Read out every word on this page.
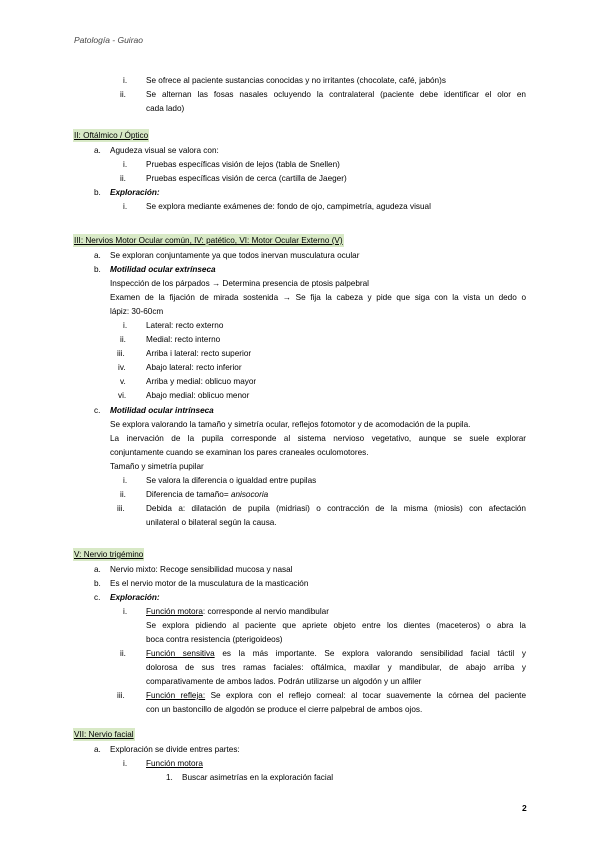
Patología - Guirao
i. Se ofrece al paciente sustancias conocidas y no irritantes (chocolate, café, jabón)s
ii. Se alternan las fosas nasales ocluyendo la contralateral (paciente debe identificar el olor en
cada lado)
II: Oftálmico / Óptico
a. Agudeza visual se valora con:
i. Pruebas específicas visión de lejos (tabla de Snellen)
ii. Pruebas específicas visión de cerca (cartilla de Jaeger)
b. Exploración:
i. Se explora mediante exámenes de: fondo de ojo, campimetría, agudeza visual
III: Nervios Motor Ocular común, IV: patético, VI: Motor Ocular Externo (V)
a. Se exploran conjuntamente ya que todos inervan musculatura ocular
b. Motilidad ocular extrínseca
Inspección de los párpados → Determina presencia de ptosis palpebral
Examen de la fijación de mirada sostenida → Se fija la cabeza y pide que siga con la vista un dedo o
lápiz: 30-60cm
i. Lateral: recto externo
ii. Medial: recto interno
iii.	Arriba i lateral: recto superior
iv. Abajo lateral: recto inferior
v. Arriba y medial: oblicuo mayor
vi. Abajo medial: oblicuo menor
c. Motilidad ocular intrínseca
Se explora valorando la tamaño y simetría ocular, reflejos fotomotor y de acomodación de la pupila.
La inervación de la pupila corresponde al sistema nervioso vegetativo, aunque se suele explorar
conjuntamente cuando se examinan los pares craneales oculomotores.
Tamaño y simetría pupilar
i. Se valora la diferencia o igualdad entre pupilas
ii. Diferencia de tamaño= anisocoria
iii.	Debida a: dilatación de pupila (midriasi) o contracción de la misma (miosis) con afectación
unilateral o bilateral según la causa.
V: Nervio trigémino
a. Nervio mixto: Recoge sensibilidad mucosa y nasal
b. Es el nervio motor de la musculatura de la masticación
c. Exploración:
i. Función motora: corresponde al nervio mandibular
Se explora pidiendo al paciente que apriete objeto entre los dientes (maceteros) o abra la
boca contra resistencia (pterigoideos)
ii. Función sensitiva es la más importante. Se explora valorando sensibilidad facial táctil y
dolorosa de sus tres ramas faciales: oftálmica, maxilar y mandibular, de abajo arriba y
comparativamente de ambos lados. Podrán utilizarse un algodón y un alfiler
iii.	Función refleja: Se explora con el reflejo corneal: al tocar suavemente la córnea del paciente
con un bastoncillo de algodón se produce el cierre palpebral de ambos ojos.
VII: Nervio facial
a. Exploración se divide entres partes:
i. Función motora
1. Buscar asimetrías en la exploración facial
2
